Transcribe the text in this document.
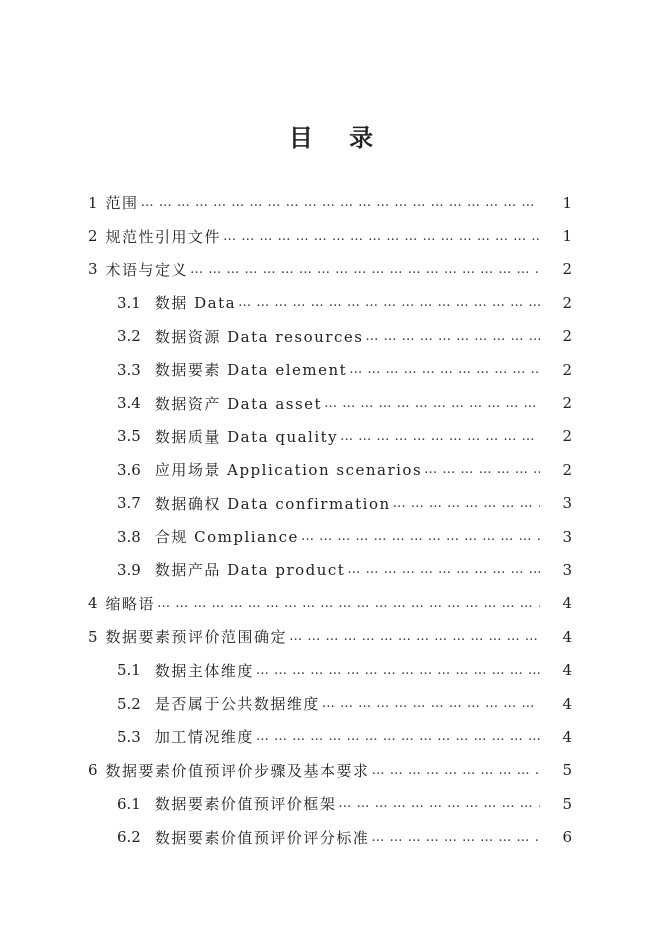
目 录
1 范围 … … … … … … … … … … … … … … … … … … … … … … … … … … … … … … … … … … … … … … … … … … … … … … …	1
2 规范性引用文件 … … … … … … … … … … … … … … … … … … … … … … … … … … … … … … … … … … … … … … … … … … … … … … …	1
3 术语与定义 … … … … … … … … … … … … … … … … … … … … … … … … … … … … … … … … … … … … … … … … … … … … … … …	2
3.1 数据 Data … … … … … … … … … … … … … … … … … … … … … … … … … … … … … … … … … … … … … … … … … … … … … … …	2
3.2 数据资源 Data resources … … … … … … … … … … … … … … … … … … … … … … … … … … … … … … … … … … … … … … … … … … … … … … …	2
3.3 数据要素 Data element … … … … … … … … … … … … … … … … … … … … … … … … … … … … … … … … … … … … … … … … … … … … … … …	2
3.4 数据资产 Data asset … … … … … … … … … … … … … … … … … … … … … … … … … … … … … … … … … … … … … … … … … … … … … … …	2
3.5 数据质量 Data quality … … … … … … … … … … … … … … … … … … … … … … … … … … … … … … … … … … … … … … … … … … … … … … …	2
3.6 应用场景 Application scenarios … … … … … … … … … … … … … … … … … … … … … … … … … … … … … … … … … … … … … … … … … … … … … … …	2
3.7 数据确权 Data confirmation … … … … … … … … … … … … … … … … … … … … … … … … … … … … … … … … … … … … … … … … … … … … … … …	3
3.8 合规 Compliance … … … … … … … … … … … … … … … … … … … … … … … … … … … … … … … … … … … … … … … … … … … … … … …	3
3.9 数据产品 Data product … … … … … … … … … … … … … … … … … … … … … … … … … … … … … … … … … … … … … … … … … … … … … … …	3
4 缩略语 … … … … … … … … … … … … … … … … … … … … … … … … … … … … … … … … … … … … … … … … … … … … … … …	4
5 数据要素预评价范围确定 … … … … … … … … … … … … … … … … … … … … … … … … … … … … … … … … … … … … … … … … … … … … … … …	4
5.1 数据主体维度 … … … … … … … … … … … … … … … … … … … … … … … … … … … … … … … … … … … … … … … … … … … … … … …	4
5.2 是否属于公共数据维度 … … … … … … … … … … … … … … … … … … … … … … … … … … … … … … … … … … … … … … … … … … … … … … …	4
5.3 加工情况维度 … … … … … … … … … … … … … … … … … … … … … … … … … … … … … … … … … … … … … … … … … … … … … … …	4
6 数据要素价值预评价步骤及基本要求 … … … … … … … … … … … … … … … … … … … … … … … … … … … … … … … … … … … … … … … … … … … … … … …	5
6.1 数据要素价值预评价框架 … … … … … … … … … … … … … … … … … … … … … … … … … … … … … … … … … … … … … … … … … … … … … … …	5
6.2 数据要素价值预评价评分标准 … … … … … … … … … … … … … … … … … … … … … … … … … … … … … … … … … … … … … … … … … … … … … … …	6
